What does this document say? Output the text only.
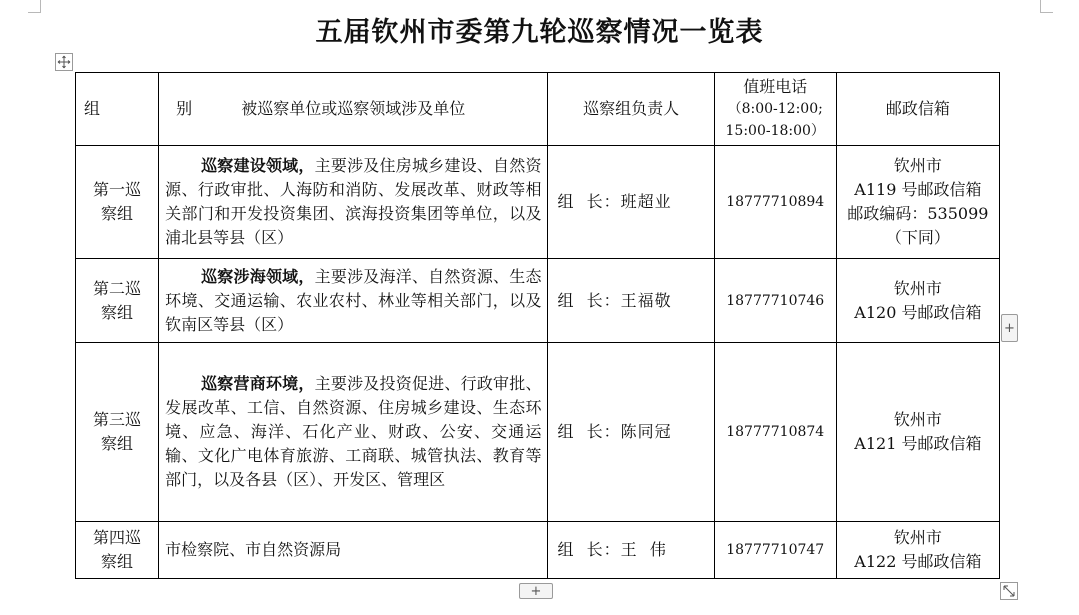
五届钦州市委第九轮巡察情况一览表
组  别	被巡察单位或巡察领域涉及单位	巡察组负责人	值班电话
（8:00-12:00;
15:00-18:00）	邮政信箱

第一巡
察组	巡察建设领域，主要涉及住房城乡建设、自然资源、行政审批、人海防和消防、发展改革、财政等相关部门和开发投资集团、滨海投资集团等单位，以及浦北县等县（区）	组  长：班超业	18777710894	钦州市
A119 号邮政信箱
邮政编码：535099
（下同）

第二巡
察组	巡察涉海领域，主要涉及海洋、自然资源、生态环境、交通运输、农业农村、林业等相关部门，以及钦南区等县（区）	组  长：王福敬	18777710746	钦州市
A120 号邮政信箱

第三巡
察组	巡察营商环境，主要涉及投资促进、行政审批、发展改革、工信、自然资源、住房城乡建设、生态环境、应急、海洋、石化产业、财政、公安、交通运输、文化广电体育旅游、工商联、城管执法、教育等部门，以及各县（区）、开发区、管理区	组  长：陈同冠	18777710874	钦州市
A121 号邮政信箱

第四巡
察组	市检察院、市自然资源局	组  长：王  伟	18777710747	钦州市
A122 号邮政信箱
+
+
